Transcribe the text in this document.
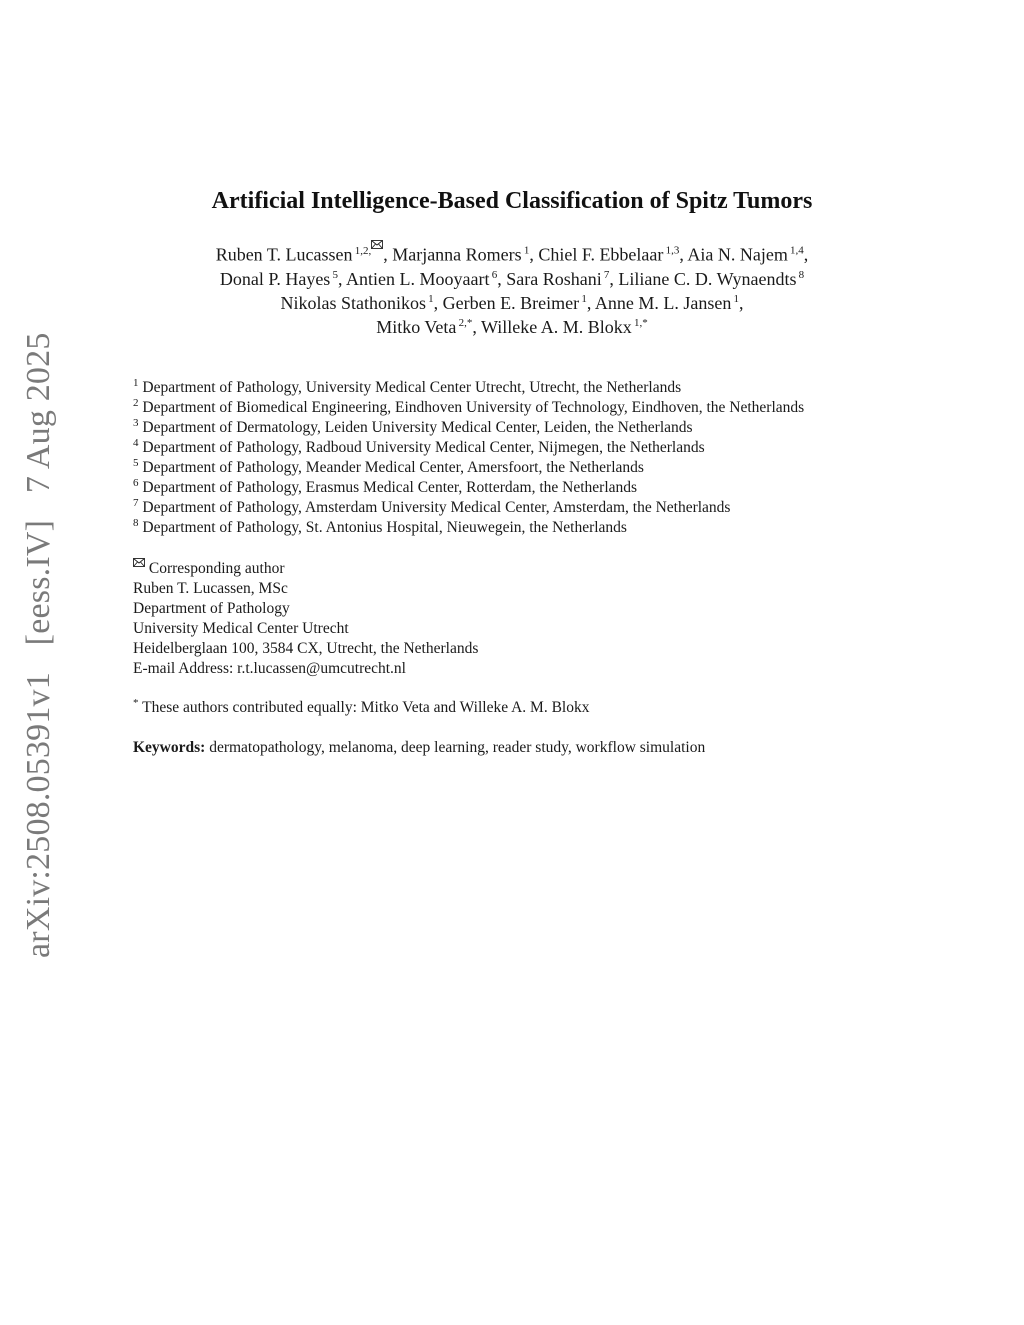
arXiv:2508.05391v1 [eess.IV] 7 Aug 2025
Artificial Intelligence-Based Classification of Spitz Tumors
Ruben T. Lucassen  $^{1,2,}$ , Marjanna Romers  $^1$, Chiel F. Ebbelaar  $^{1,3}$, Aia N. Najem  $^{1,4}$,
Donal P. Hayes  $^5$, Antien L. Mooyaart  $^6$, Sara Roshani  $^7$, Liliane C. D. Wynaendts  $^8$
Nikolas Stathonikos  $^1$, Gerben E. Breimer  $^1$, Anne M. L. Jansen  $^1$,
Mitko Veta  $^{2,*}$, Willeke A. M. Blokx  $^{1,*}$
$^1$ Department of Pathology, University Medical Center Utrecht, Utrecht, the Netherlands
$^2$ Department of Biomedical Engineering, Eindhoven University of Technology, Eindhoven, the Netherlands
$^3$ Department of Dermatology, Leiden University Medical Center, Leiden, the Netherlands
$^4$ Department of Pathology, Radboud University Medical Center, Nijmegen, the Netherlands
$^5$ Department of Pathology, Meander Medical Center, Amersfoort, the Netherlands
$^6$ Department of Pathology, Erasmus Medical Center, Rotterdam, the Netherlands
$^7$ Department of Pathology, Amsterdam University Medical Center, Amsterdam, the Netherlands
$^8$ Department of Pathology, St. Antonius Hospital, Nieuwegein, the Netherlands
Corresponding author
Ruben T. Lucassen, MSc
Department of Pathology
University Medical Center Utrecht
Heidelberglaan 100, 3584 CX, Utrecht, the Netherlands
E-mail Address: r.t.lucassen@umcutrecht.nl
* These authors contributed equally: Mitko Veta and Willeke A. M. Blokx
Keywords: dermatopathology, melanoma, deep learning, reader study, workflow simulation
